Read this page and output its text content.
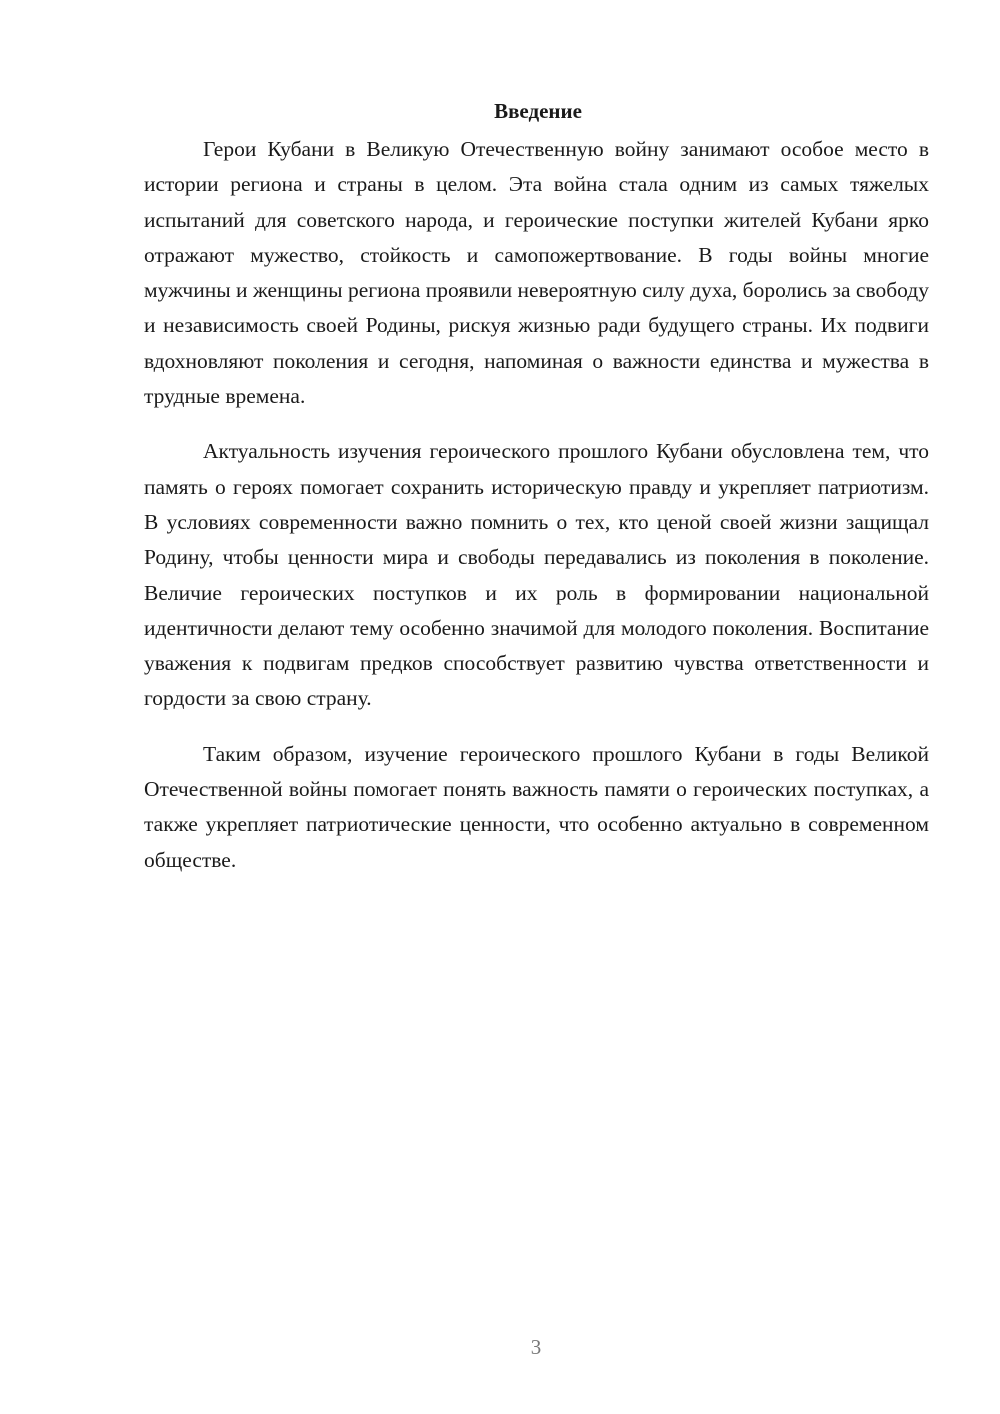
Введение

Герои Кубани в Великую Отечественную войну занимают особое место в истории региона и страны в целом. Эта война стала одним из самых тяжелых испытаний для советского народа, и героические поступки жителей Кубани ярко отражают мужество, стойкость и самопожертвование. В годы войны многие мужчины и женщины региона проявили невероятную силу духа, боролись за свободу и независимость своей Родины, рискуя жизнью ради будущего страны. Их подвиги вдохновляют поколения и сегодня, напоминая о важности единства и мужества в трудные времена.

Актуальность изучения героического прошлого Кубани обусловлена тем, что память о героях помогает сохранить историческую правду и укрепляет патриотизм. В условиях современности важно помнить о тех, кто ценой своей жизни защищал Родину, чтобы ценности мира и свободы передавались из поколения в поколение. Величие героических поступков и их роль в формировании национальной идентичности делают тему особенно значимой для молодого поколения. Воспитание уважения к подвигам предков способствует развитию чувства ответственности и гордости за свою страну.

Таким образом, изучение героического прошлого Кубани в годы Великой Отечественной войны помогает понять важность памяти о героических поступках, а также укрепляет патриотические ценности, что особенно актуально в современном обществе.

3
